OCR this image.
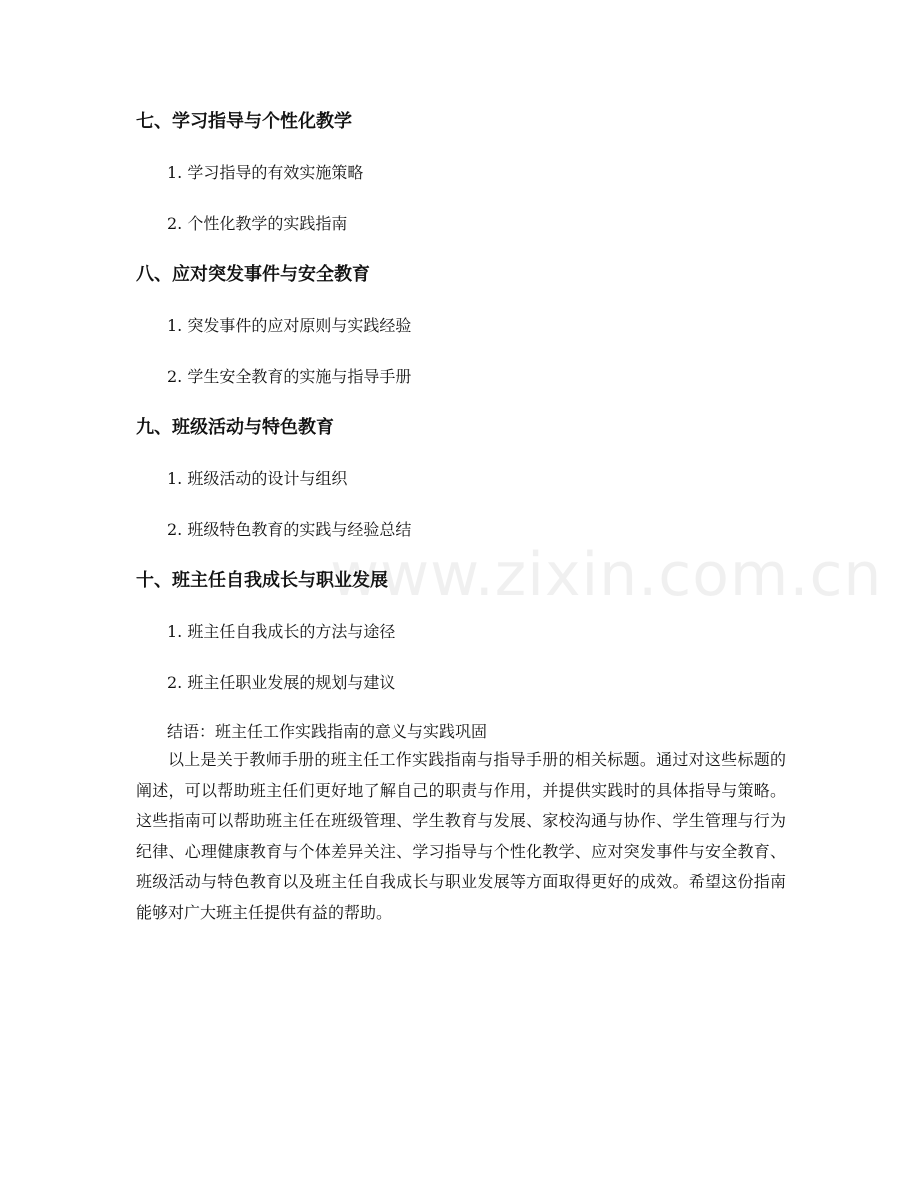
www.zixin.com.cn
七、学习指导与个性化教学
1. 学习指导的有效实施策略
2. 个性化教学的实践指南
八、应对突发事件与安全教育
1. 突发事件的应对原则与实践经验
2. 学生安全教育的实施与指导手册
九、班级活动与特色教育
1. 班级活动的设计与组织
2. 班级特色教育的实践与经验总结
十、班主任自我成长与职业发展
1. 班主任自我成长的方法与途径
2. 班主任职业发展的规划与建议
结语：班主任工作实践指南的意义与实践巩固

以上是关于教师手册的班主任工作实践指南与指导手册的相关标题。通过对这些标题的阐述，可以帮助班主任们更好地了解自己的职责与作用，并提供实践时的具体指导与策略。这些指南可以帮助班主任在班级管理、学生教育与发展、家校沟通与协作、学生管理与行为纪律、心理健康教育与个体差异关注、学习指导与个性化教学、应对突发事件与安全教育、班级活动与特色教育以及班主任自我成长与职业发展等方面取得更好的成效。希望这份指南能够对广大班主任提供有益的帮助。
